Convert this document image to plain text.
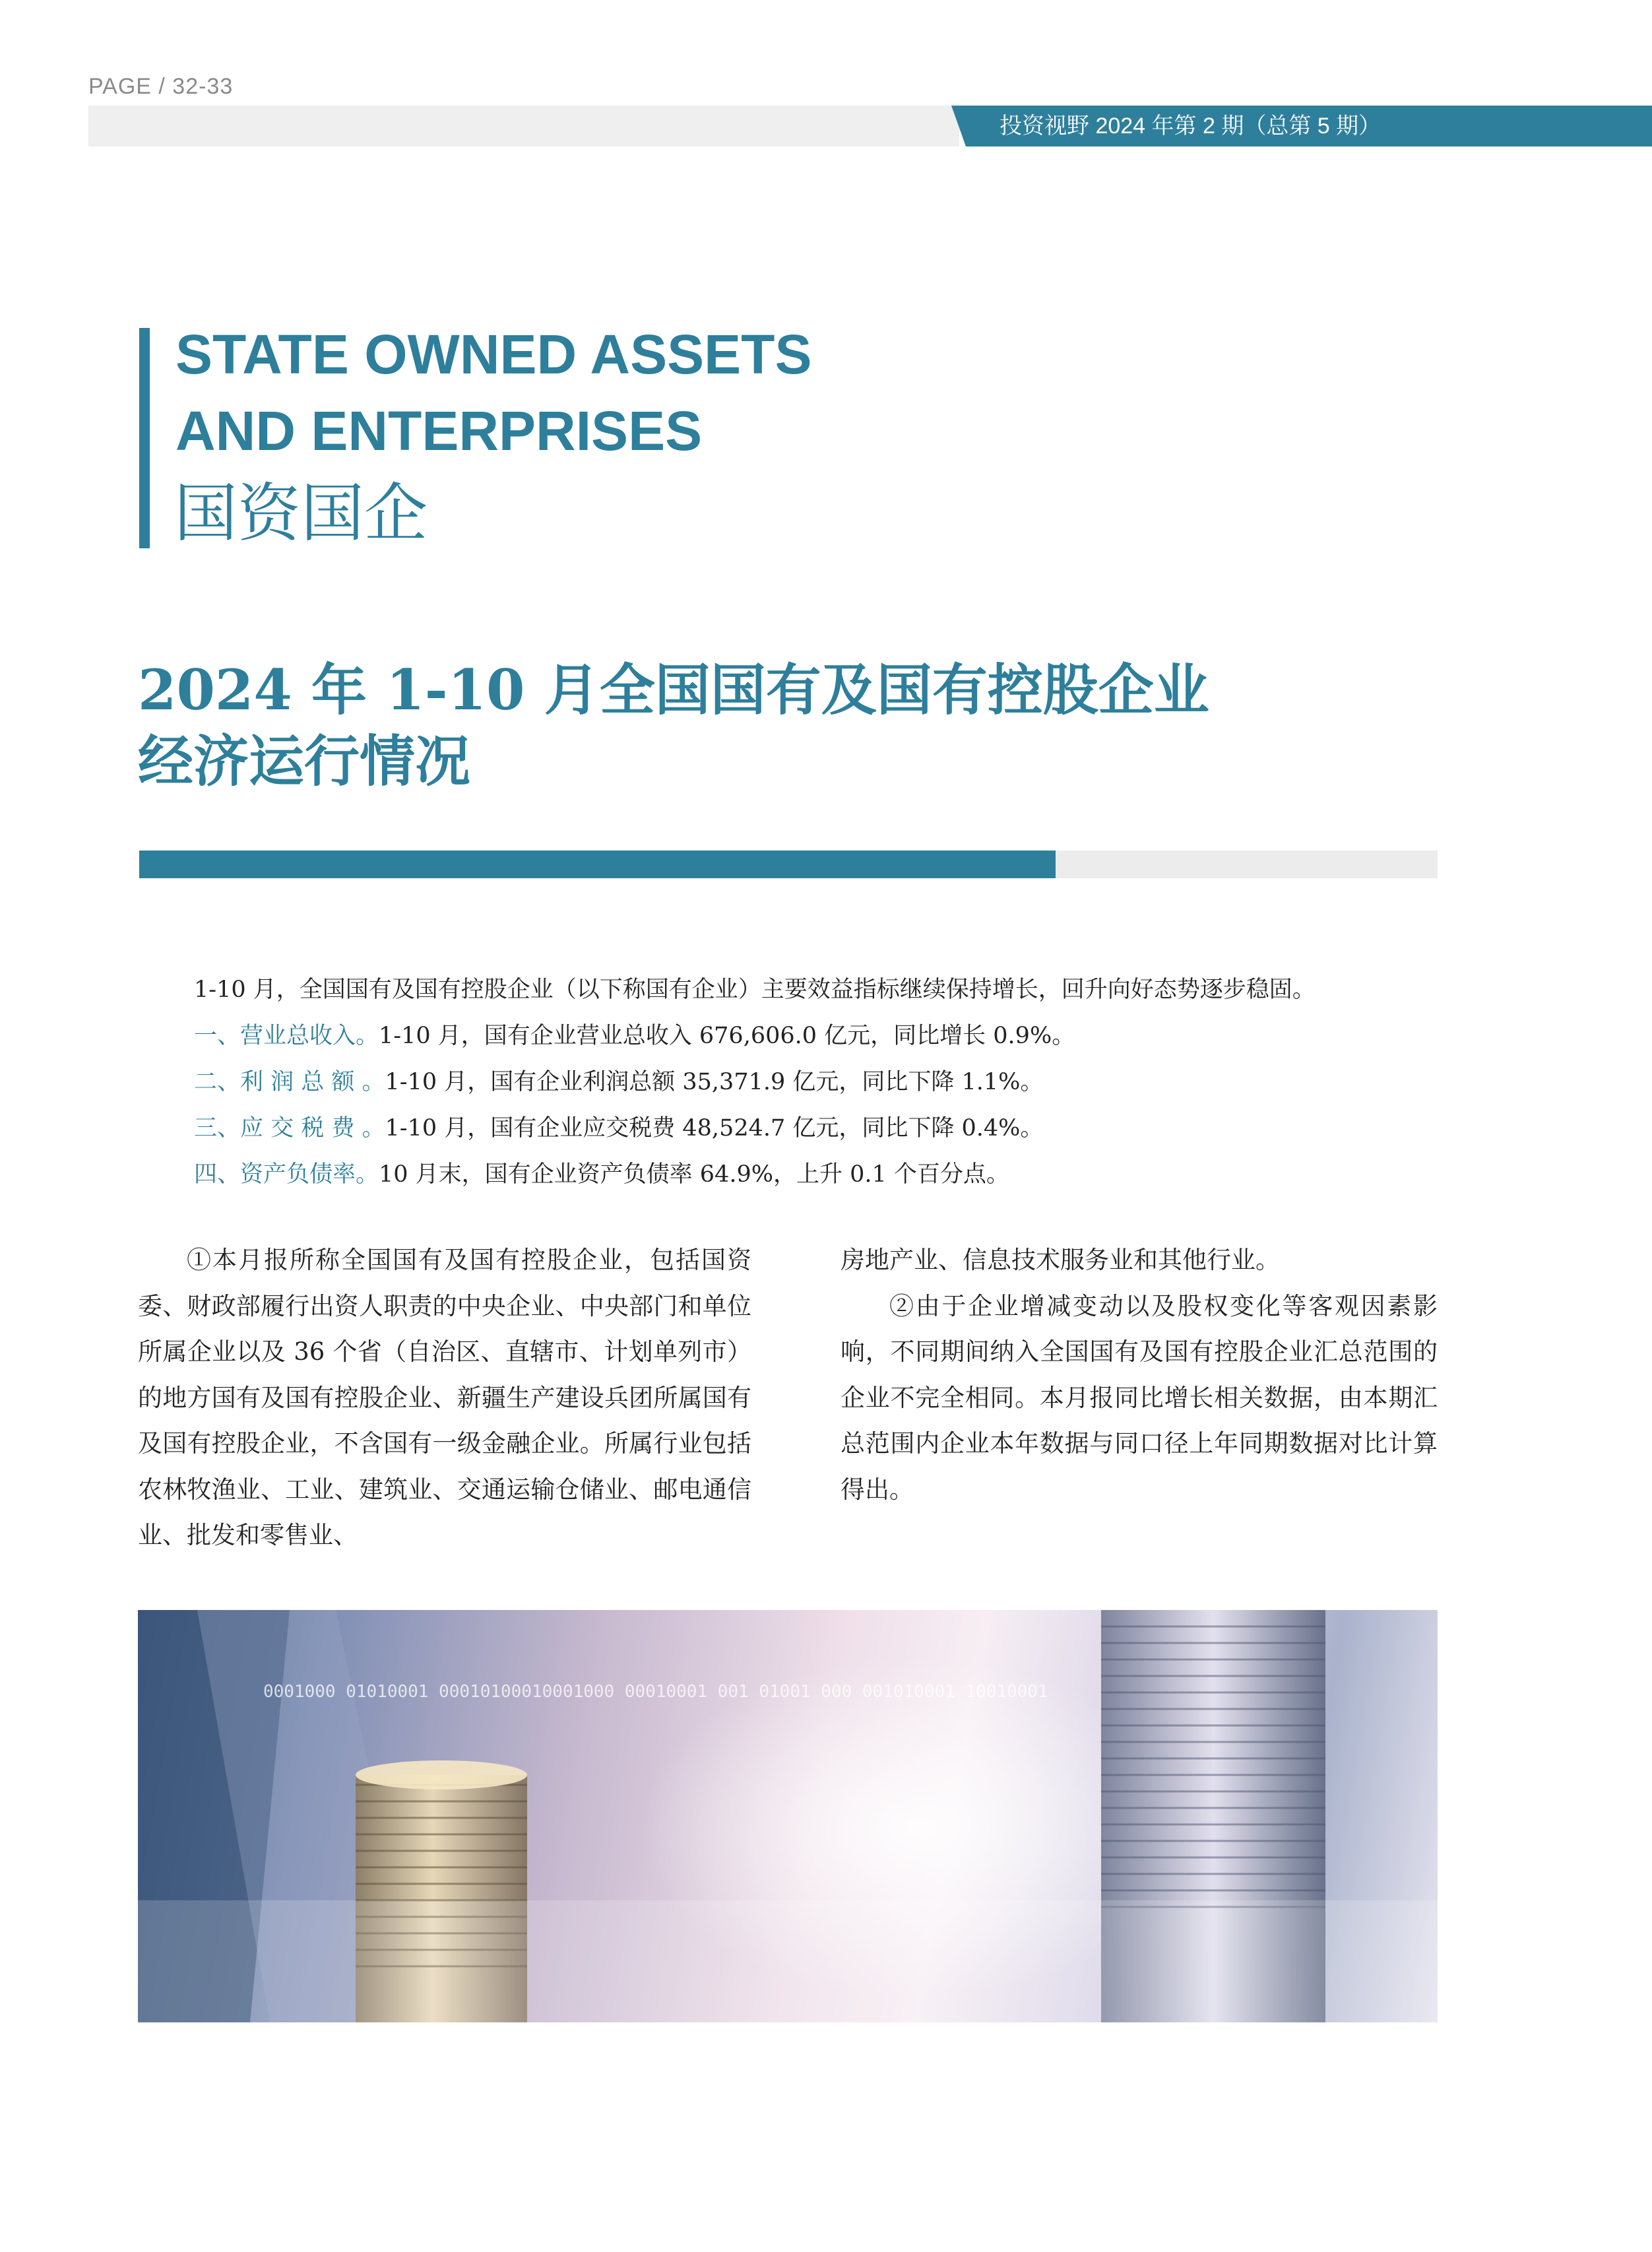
PAGE / 32-33
投资视野 2024 年第 2 期（总第 5 期）
STATE OWNED ASSETS
AND ENTERPRISES
国资国企
2024 年 1-10 月全国国有及国有控股企业
经济运行情况
1-10 月，全国国有及国有控股企业（以下称国有企业）主要效益指标继续保持增长，回升向好态势逐步稳固。
一、营业总收入。1-10 月，国有企业营业总收入 676,606.0 亿元，同比增长 0.9%。
二、利 润 总 额 。1-10 月，国有企业利润总额 35,371.9 亿元，同比下降 1.1%。
三、应 交 税 费 。1-10 月，国有企业应交税费 48,524.7 亿元，同比下降 0.4%。
四、资产负债率。10 月末，国有企业资产负债率 64.9%，上升 0.1 个百分点。

①本月报所称全国国有及国有控股企业，包括国资委、财政部履行出资人职责的中央企业、中央部门和单位所属企业以及 36 个省（自治区、直辖市、计划单列市）的地方国有及国有控股企业、新疆生产建设兵团所属国有及国有控股企业，不含国有一级金融企业。所属行业包括农林牧渔业、工业、建筑业、交通运输仓储业、邮电通信业、批发和零售业、

房地产业、信息技术服务业和其他行业。

②由于企业增减变动以及股权变化等客观因素影响，不同期间纳入全国国有及国有控股企业汇总范围的企业不完全相同。本月报同比增长相关数据，由本期汇总范围内企业本年数据与同口径上年同期数据对比计算得出。

0001000 01010001 00010100010001000 00010001 001 01001 000 001010001 10010001
